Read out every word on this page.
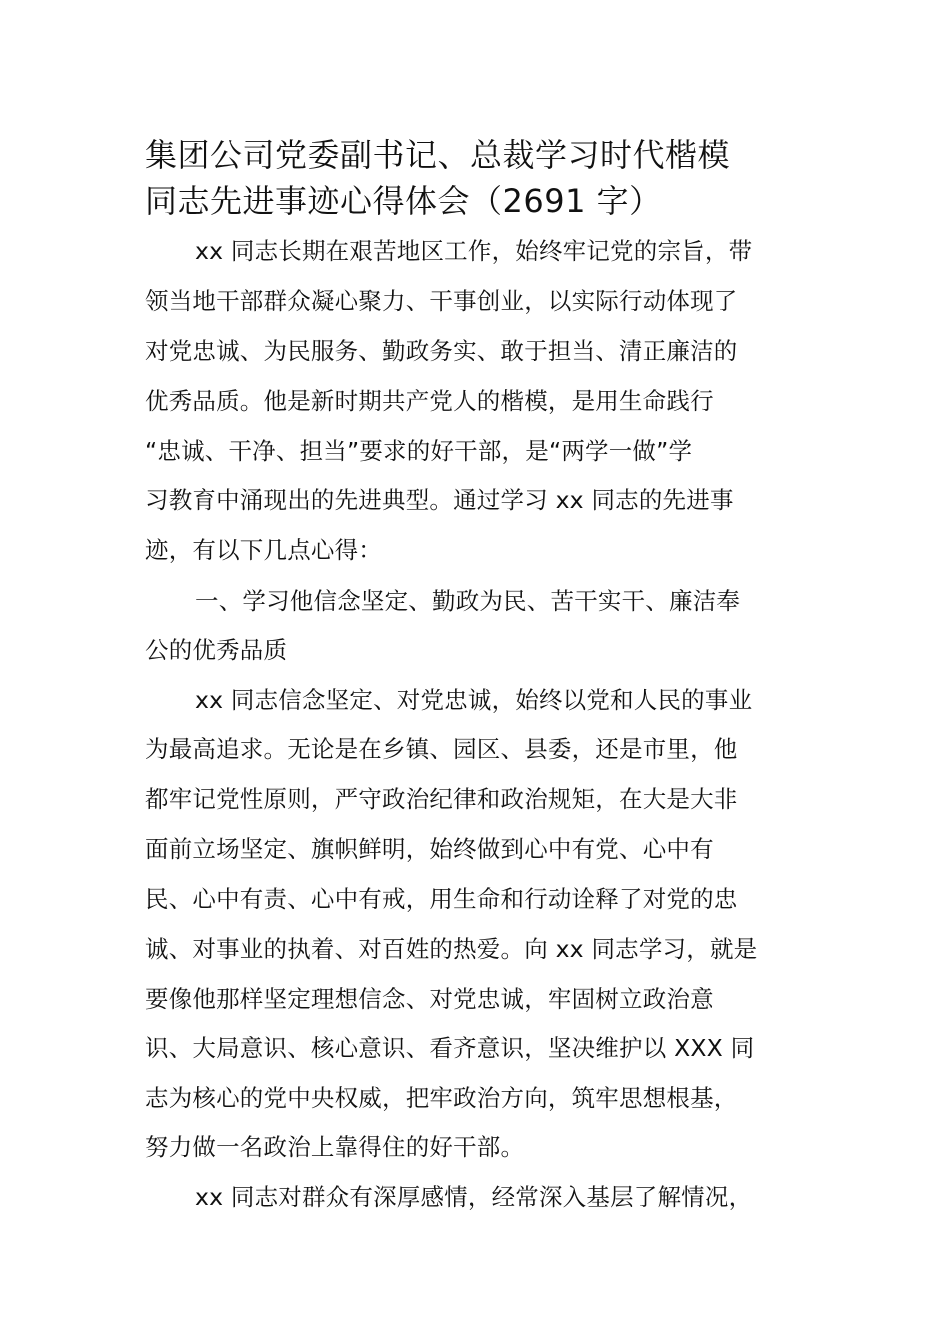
集团公司党委副书记、总裁学习时代楷模
同志先进事迹心得体会（2691 字）

xx 同志长期在艰苦地区工作，始终牢记党的宗旨，带

领当地干部群众凝心聚力、干事创业，以实际行动体现了

对党忠诚、为民服务、勤政务实、敢于担当、清正廉洁的

优秀品质。他是新时期共产党人的楷模，是用生命践行

“忠诚、干净、担当”要求的好干部，是“两学一做”学

习教育中涌现出的先进典型。通过学习 xx 同志的先进事

迹，有以下几点心得：

一、学习他信念坚定、勤政为民、苦干实干、廉洁奉

公的优秀品质

xx 同志信念坚定、对党忠诚，始终以党和人民的事业

为最高追求。无论是在乡镇、园区、县委，还是市里，他

都牢记党性原则，严守政治纪律和政治规矩，在大是大非

面前立场坚定、旗帜鲜明，始终做到心中有党、心中有

民、心中有责、心中有戒，用生命和行动诠释了对党的忠

诚、对事业的执着、对百姓的热爱。向 xx 同志学习，就是

要像他那样坚定理想信念、对党忠诚，牢固树立政治意

识、大局意识、核心意识、看齐意识，坚决维护以 XXX 同

志为核心的党中央权威，把牢政治方向，筑牢思想根基，

努力做一名政治上靠得住的好干部。

xx 同志对群众有深厚感情，经常深入基层了解情况，
